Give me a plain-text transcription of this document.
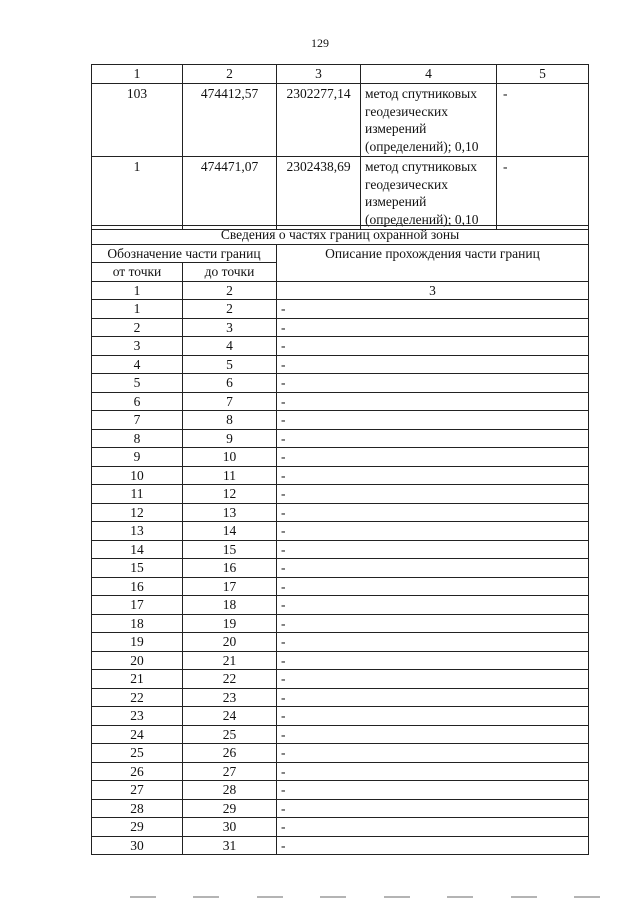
129
1	2	3	4	5
103	474412,57	2302277,14	метод спутниковых геодезических измерений (определений); 0,10	-
1	474471,07	2302438,69	метод спутниковых геодезических измерений (определений); 0,10	-
Сведения о частях границ охранной зоны		
Обозначение части границ		Описание прохождения части границ
от точки	до точки	
1	2	3
1	2	-
2	3	-
3	4	-
4	5	-
5	6	-
6	7	-
7	8	-
8	9	-
9	10	-
10	11	-
11	12	-
12	13	-
13	14	-
14	15	-
15	16	-
16	17	-
17	18	-
18	19	-
19	20	-
20	21	-
21	22	-
22	23	-
23	24	-
24	25	-
25	26	-
26	27	-
27	28	-
28	29	-
29	30	-
30	31	-
